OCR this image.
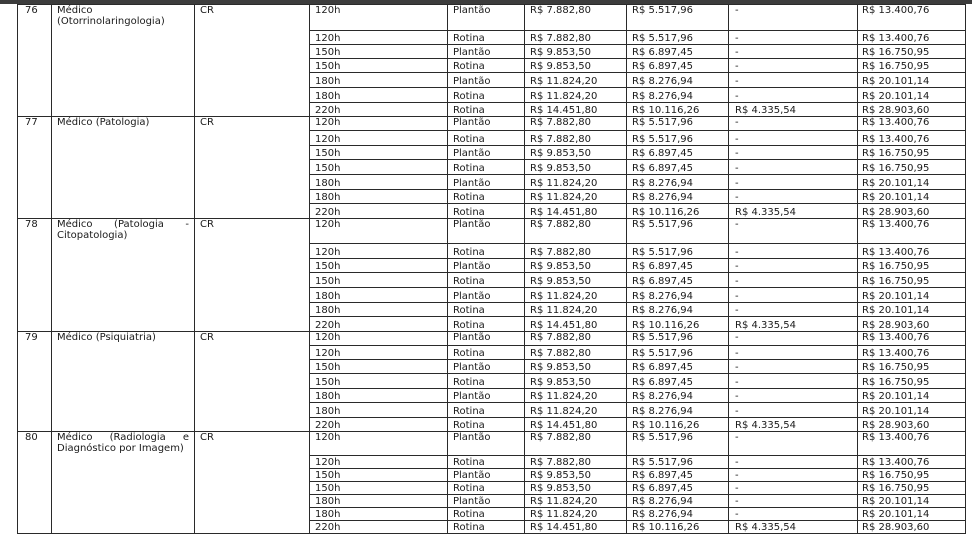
76	Médico (Otorrinolaringologia)	CR	120h	Plantão	R$ 7.882,80	R$ 5.517,96	-	R$ 13.400,76
			120h	Rotina	R$ 7.882,80	R$ 5.517,96	-	R$ 13.400,76
			150h	Plantão	R$ 9.853,50	R$ 6.897,45	-	R$ 16.750,95
			150h	Rotina	R$ 9.853,50	R$ 6.897,45	-	R$ 16.750,95
			180h	Plantão	R$ 11.824,20	R$ 8.276,94	-	R$ 20.101,14
			180h	Rotina	R$ 11.824,20	R$ 8.276,94	-	R$ 20.101,14
			220h	Rotina	R$ 14.451,80	R$ 10.116,26	R$ 4.335,54	R$ 28.903,60
77	Médico (Patologia)	CR	120h	Plantão	R$ 7.882,80	R$ 5.517,96	-	R$ 13.400,76
			120h	Rotina	R$ 7.882,80	R$ 5.517,96	-	R$ 13.400,76
			150h	Plantão	R$ 9.853,50	R$ 6.897,45	-	R$ 16.750,95
			150h	Rotina	R$ 9.853,50	R$ 6.897,45	-	R$ 16.750,95
			180h	Plantão	R$ 11.824,20	R$ 8.276,94	-	R$ 20.101,14
			180h	Rotina	R$ 11.824,20	R$ 8.276,94	-	R$ 20.101,14
			220h	Rotina	R$ 14.451,80	R$ 10.116,26	R$ 4.335,54	R$ 28.903,60
78	Médico (Patologia - Citopatologia)	CR	120h	Plantão	R$ 7.882,80	R$ 5.517,96	-	R$ 13.400,76
			120h	Rotina	R$ 7.882,80	R$ 5.517,96	-	R$ 13.400,76
			150h	Plantão	R$ 9.853,50	R$ 6.897,45	-	R$ 16.750,95
			150h	Rotina	R$ 9.853,50	R$ 6.897,45	-	R$ 16.750,95
			180h	Plantão	R$ 11.824,20	R$ 8.276,94	-	R$ 20.101,14
			180h	Rotina	R$ 11.824,20	R$ 8.276,94	-	R$ 20.101,14
			220h	Rotina	R$ 14.451,80	R$ 10.116,26	R$ 4.335,54	R$ 28.903,60
79	Médico (Psiquiatria)	CR	120h	Plantão	R$ 7.882,80	R$ 5.517,96	-	R$ 13.400,76
			120h	Rotina	R$ 7.882,80	R$ 5.517,96	-	R$ 13.400,76
			150h	Plantão	R$ 9.853,50	R$ 6.897,45	-	R$ 16.750,95
			150h	Rotina	R$ 9.853,50	R$ 6.897,45	-	R$ 16.750,95
			180h	Plantão	R$ 11.824,20	R$ 8.276,94	-	R$ 20.101,14
			180h	Rotina	R$ 11.824,20	R$ 8.276,94	-	R$ 20.101,14
			220h	Rotina	R$ 14.451,80	R$ 10.116,26	R$ 4.335,54	R$ 28.903,60
80	Médico (Radiologia e Diagnóstico por Imagem)	CR	120h	Plantão	R$ 7.882,80	R$ 5.517,96	-	R$ 13.400,76
			120h	Rotina	R$ 7.882,80	R$ 5.517,96	-	R$ 13.400,76
			150h	Plantão	R$ 9.853,50	R$ 6.897,45	-	R$ 16.750,95
			150h	Rotina	R$ 9.853,50	R$ 6.897,45	-	R$ 16.750,95
			180h	Plantão	R$ 11.824,20	R$ 8.276,94	-	R$ 20.101,14
			180h	Rotina	R$ 11.824,20	R$ 8.276,94	-	R$ 20.101,14
			220h	Rotina	R$ 14.451,80	R$ 10.116,26	R$ 4.335,54	R$ 28.903,60
